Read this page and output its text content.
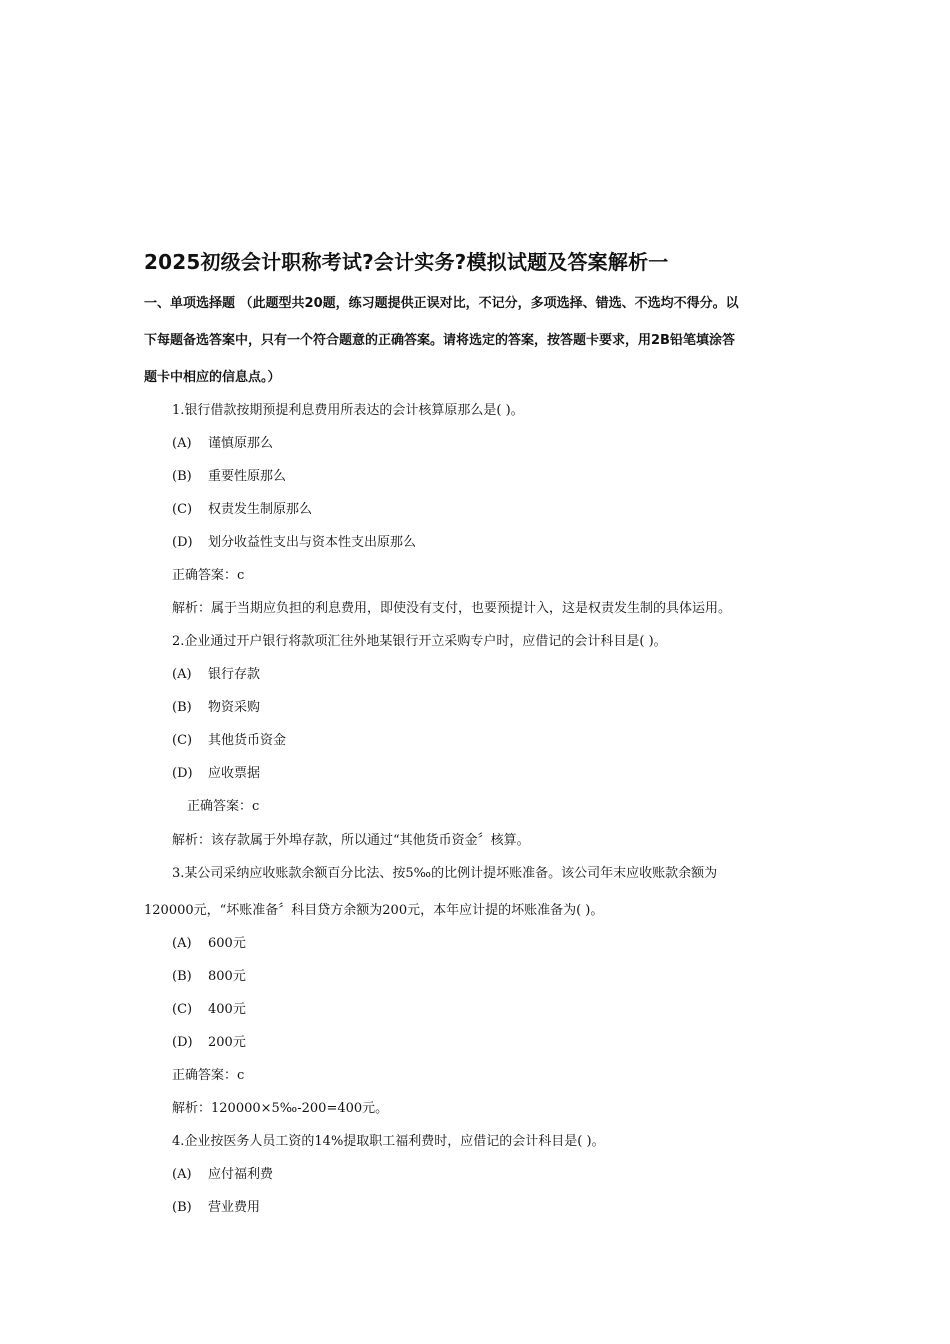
2025初级会计职称考试?会计实务?模拟试题及答案解析一
一、单项选择题 （此题型共20题，练习题提供正误对比，不记分，多项选择、错选、不选均不得分。以
下每题备选答案中，只有一个符合题意的正确答案。请将选定的答案，按答题卡要求，用2B铅笔填涂答
题卡中相应的信息点。）
1.银行借款按期预提利息费用所表达的会计核算原那么是( )。
(A) 谨慎原那么
(B) 重要性原那么
(C) 权责发生制原那么
(D) 划分收益性支出与资本性支出原那么
正确答案：c
解析：属于当期应负担的利息费用，即使没有支付，也要预提计入，这是权责发生制的具体运用。
2.企业通过开户银行将款项汇往外地某银行开立采购专户时，应借记的会计科目是( )。
(A) 银行存款
(B) 物资采购
(C) 其他货币资金
(D) 应收票据
正确答案：c
解析：该存款属于外埠存款，所以通过“其他货币资金〞核算。
3.某公司采纳应收账款余额百分比法、按5‰的比例计提坏账准备。该公司年末应收账款余额为
120000元，“坏账准备〞科目贷方余额为200元，本年应计提的坏账准备为( )。
(A) 600元
(B) 800元
(C) 400元
(D) 200元
正确答案：c
解析：120000×5‰-200=400元。
4.企业按医务人员工资的14%提取职工福利费时，应借记的会计科目是( )。
(A) 应付福利费
(B) 营业费用
